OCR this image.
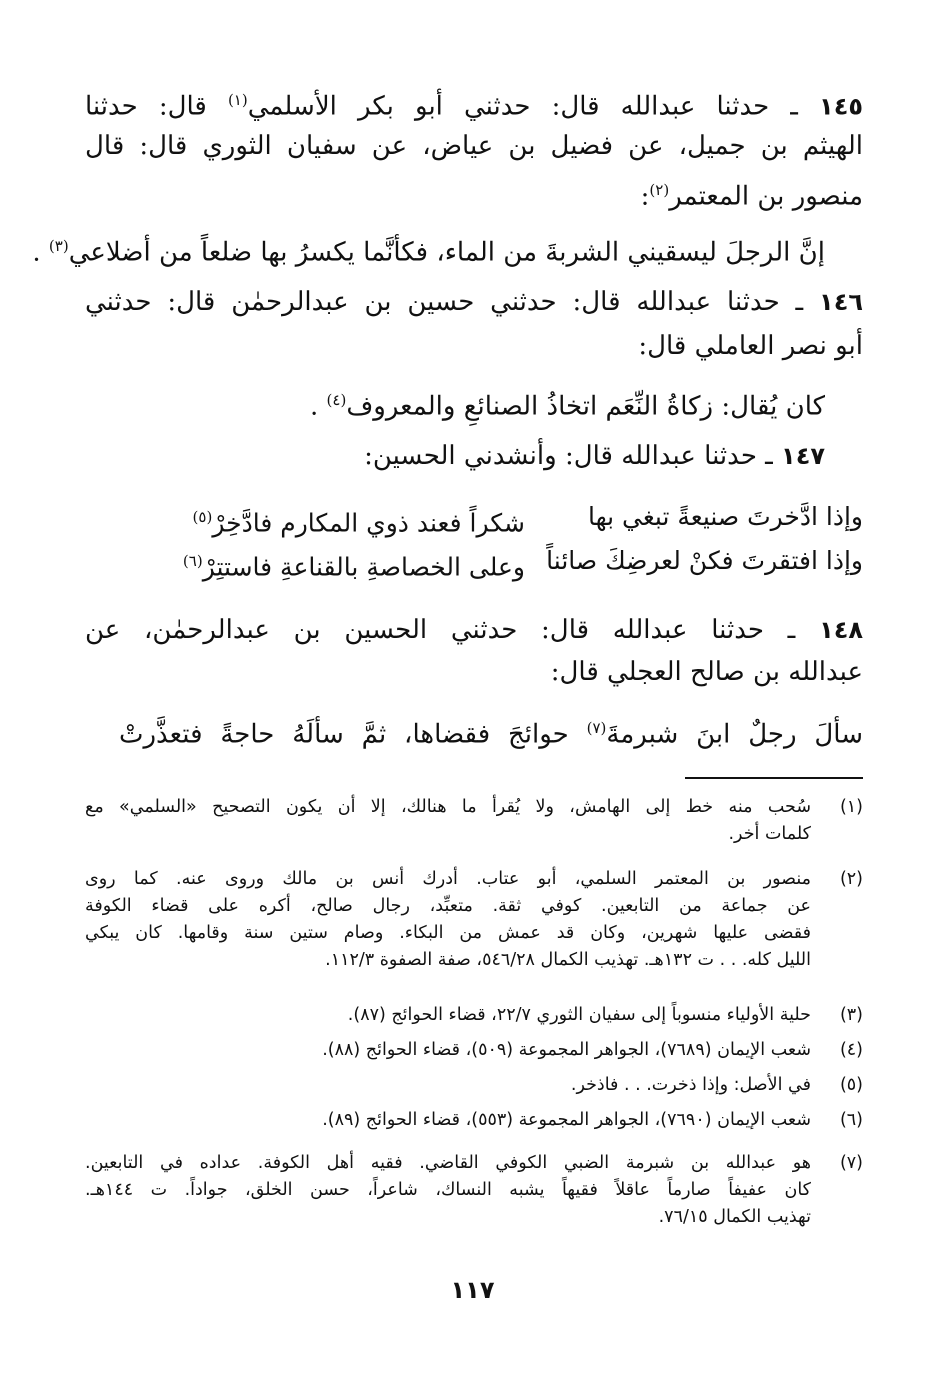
١٤٥ ـ حدثنا عبدالله قال: حدثني أبو بكر الأسلمي$^{(١)}$ قال: حدثنا
الهيثم بن جميل، عن فضيل بن عياض، عن سفيان الثوري قال: قال
منصور بن المعتمر$^{(٢)}$:
إنَّ الرجلَ ليسقيني الشربةَ من الماء، فكأنَّما يكسرُ بها ضلعاً من أضلاعي$^{(٣)}$ .
١٤٦ ـ حدثنا عبدالله قال: حدثني حسين بن عبدالرحمٰن قال: حدثني
أبو نصر العاملي قال:
كان يُقال: زكاةُ النِّعَم اتخاذُ الصنائعِ والمعروف$^{(٤)}$ .
١٤٧ ـ حدثنا عبدالله قال: وأنشدني الحسين:
وإذا ادَّخرتَ صنيعةً تبغي بها
شكراً فعند ذوي المكارم فادَّخِرْ$^{(٥)}$
وإذا افتقرتَ فكنْ لعرضِكَ صائناً
وعلى الخصاصةِ بالقناعةِ فاستتِرْ$^{(٦)}$
١٤٨ ـ حدثنا عبدالله قال: حدثني الحسين بن عبدالرحمٰن، عن
عبدالله بن صالح العجلي قال:
سألَ رجلٌ ابنَ شبرمةَ$^{(٧)}$ حوائجَ فقضاها، ثمَّ سألَهُ حاجةً فتعذَّرتْ
(١)
سُحب منه خط إلى الهامش، ولا يُقرأ ما هنالك، إلا أن يكون التصحيح «السلمي» مع
كلمات أخر.
(٢)
منصور بن المعتمر السلمي، أبو عتاب. أدرك أنس بن مالك وروى عنه. كما روى
عن جماعة من التابعين. كوفي ثقة. متعبِّد، رجال صالح، أكره على قضاء الكوفة
فقضى عليها شهرين، وكان قد عمش من البكاء. وصام ستين سنة وقامها. كان يبكي
الليل كله. . . ت ١٣٢هـ. تهذيب الكمال ٥٤٦/٢٨، صفة الصفوة ١١٢/٣.
(٣)
حلية الأولياء منسوباً إلى سفيان الثوري ٢٢/٧، قضاء الحوائج (٨٧).
(٤)
شعب الإيمان (٧٦٨٩)، الجواهر المجموعة (٥٠٩)، قضاء الحوائج (٨٨).
(٥)
في الأصل: وإذا ذخرت. . . فاذخر.
(٦)
شعب الإيمان (٧٦٩٠)، الجواهر المجموعة (٥٥٣)، قضاء الحوائج (٨٩).
(٧)
هو عبدالله بن شبرمة الضبي الكوفي القاضي. فقيه أهل الكوفة. عداده في التابعين.
كان عفيفاً صارماً عاقلاً فقيهاً يشبه النساك، شاعراً، حسن الخلق، جواداً. ت ١٤٤هـ.
تهذيب الكمال ٧٦/١٥.
١١٧
